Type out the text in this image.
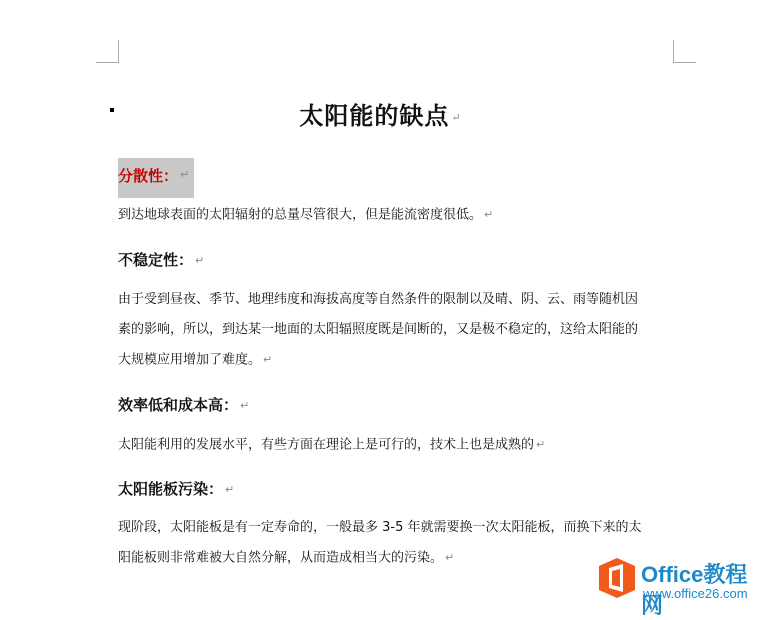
太阳能的缺点 ↵
分散性： ↵
到达地球表面的太阳辐射的总量尽管很大，但是能流密度很低。 ↵
不稳定性： ↵
由于受到昼夜、季节、地理纬度和海拔高度等自然条件的限制以及晴、阴、云、雨等随机因
素的影响，所以，到达某一地面的太阳辐照度既是间断的，又是极不稳定的，这给太阳能的
大规模应用增加了难度。 ↵
效率低和成本高： ↵
太阳能利用的发展水平，有些方面在理论上是可行的，技术上也是成熟的 ↵
太阳能板污染： ↵
现阶段，太阳能板是有一定寿命的，一般最多 3-5 年就需要换一次太阳能板，而换下来的太
阳能板则非常难被大自然分解，从而造成相当大的污染。 ↵
Office教程网
www.office26.com
